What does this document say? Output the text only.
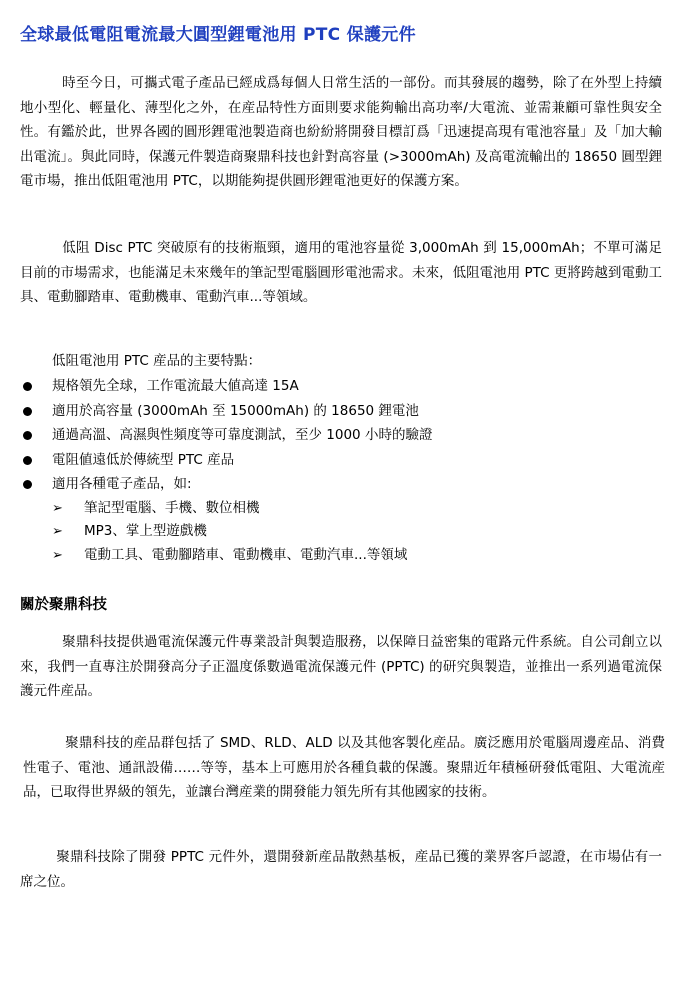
全球最低電阻電流最大圓型鋰電池用 PTC 保護元件

時至今日，可攜式電子產品已經成爲每個人日常生活的一部份。而其發展的趨勢，除了在外型上持續地小型化、輕量化、薄型化之外，在産品特性方面則要求能夠輸出高功率/大電流、並需兼顧可靠性與安全性。有鑑於此，世界各國的圓形鋰電池製造商也紛紛將開發目標訂爲「迅速提高現有電池容量」及「加大輸出電流」。與此同時，保護元件製造商聚鼎科技也針對高容量 (>3000mAh) 及高電流輸出的 18650 圓型鋰電市場，推出低阻電池用 PTC，以期能夠提供圓形鋰電池更好的保護方案。

低阻 Disc PTC 突破原有的技術瓶頸，適用的電池容量從 3,000mAh 到 15,000mAh；不單可滿足目前的市場需求，也能滿足未來幾年的筆記型電腦圓形電池需求。未來，低阻電池用 PTC 更將跨越到電動工具、電動腳踏車、電動機車、電動汽車...等領域。

低阻電池用 PTC 産品的主要特點：

規格領先全球，工作電流最大値高達 15A
適用於高容量 (3000mAh 至 15000mAh) 的 18650 鋰電池
通過高溫、高濕與性頻度等可靠度測試，至少 1000 小時的驗證
電阻値遠低於傳統型 PTC 産品
適用各種電子產品，如:
➢ 筆記型電腦、手機、數位相機
➢ MP3、掌上型遊戲機
➢ 電動工具、電動腳踏車、電動機車、電動汽車...等領域
關於聚鼎科技

聚鼎科技提供過電流保護元件專業設計與製造服務，以保障日益密集的電路元件系統。自公司創立以來，我們一直專注於開發高分子正溫度係數過電流保護元件 (PPTC) 的研究與製造，並推出一系列過電流保護元件産品。

聚鼎科技的産品群包括了 SMD、RLD、ALD 以及其他客製化産品。廣泛應用於電腦周邊産品、消費性電子、電池、通訊設備……等等，基本上可應用於各種負載的保護。聚鼎近年積極研發低電阻、大電流産品，已取得世界級的領先，並讓台灣産業的開發能力領先所有其他國家的技術。

聚鼎科技除了開發 PPTC 元件外，還開發新産品散熱基板，産品已獲的業界客戶認證，在市場佔有一席之位。
